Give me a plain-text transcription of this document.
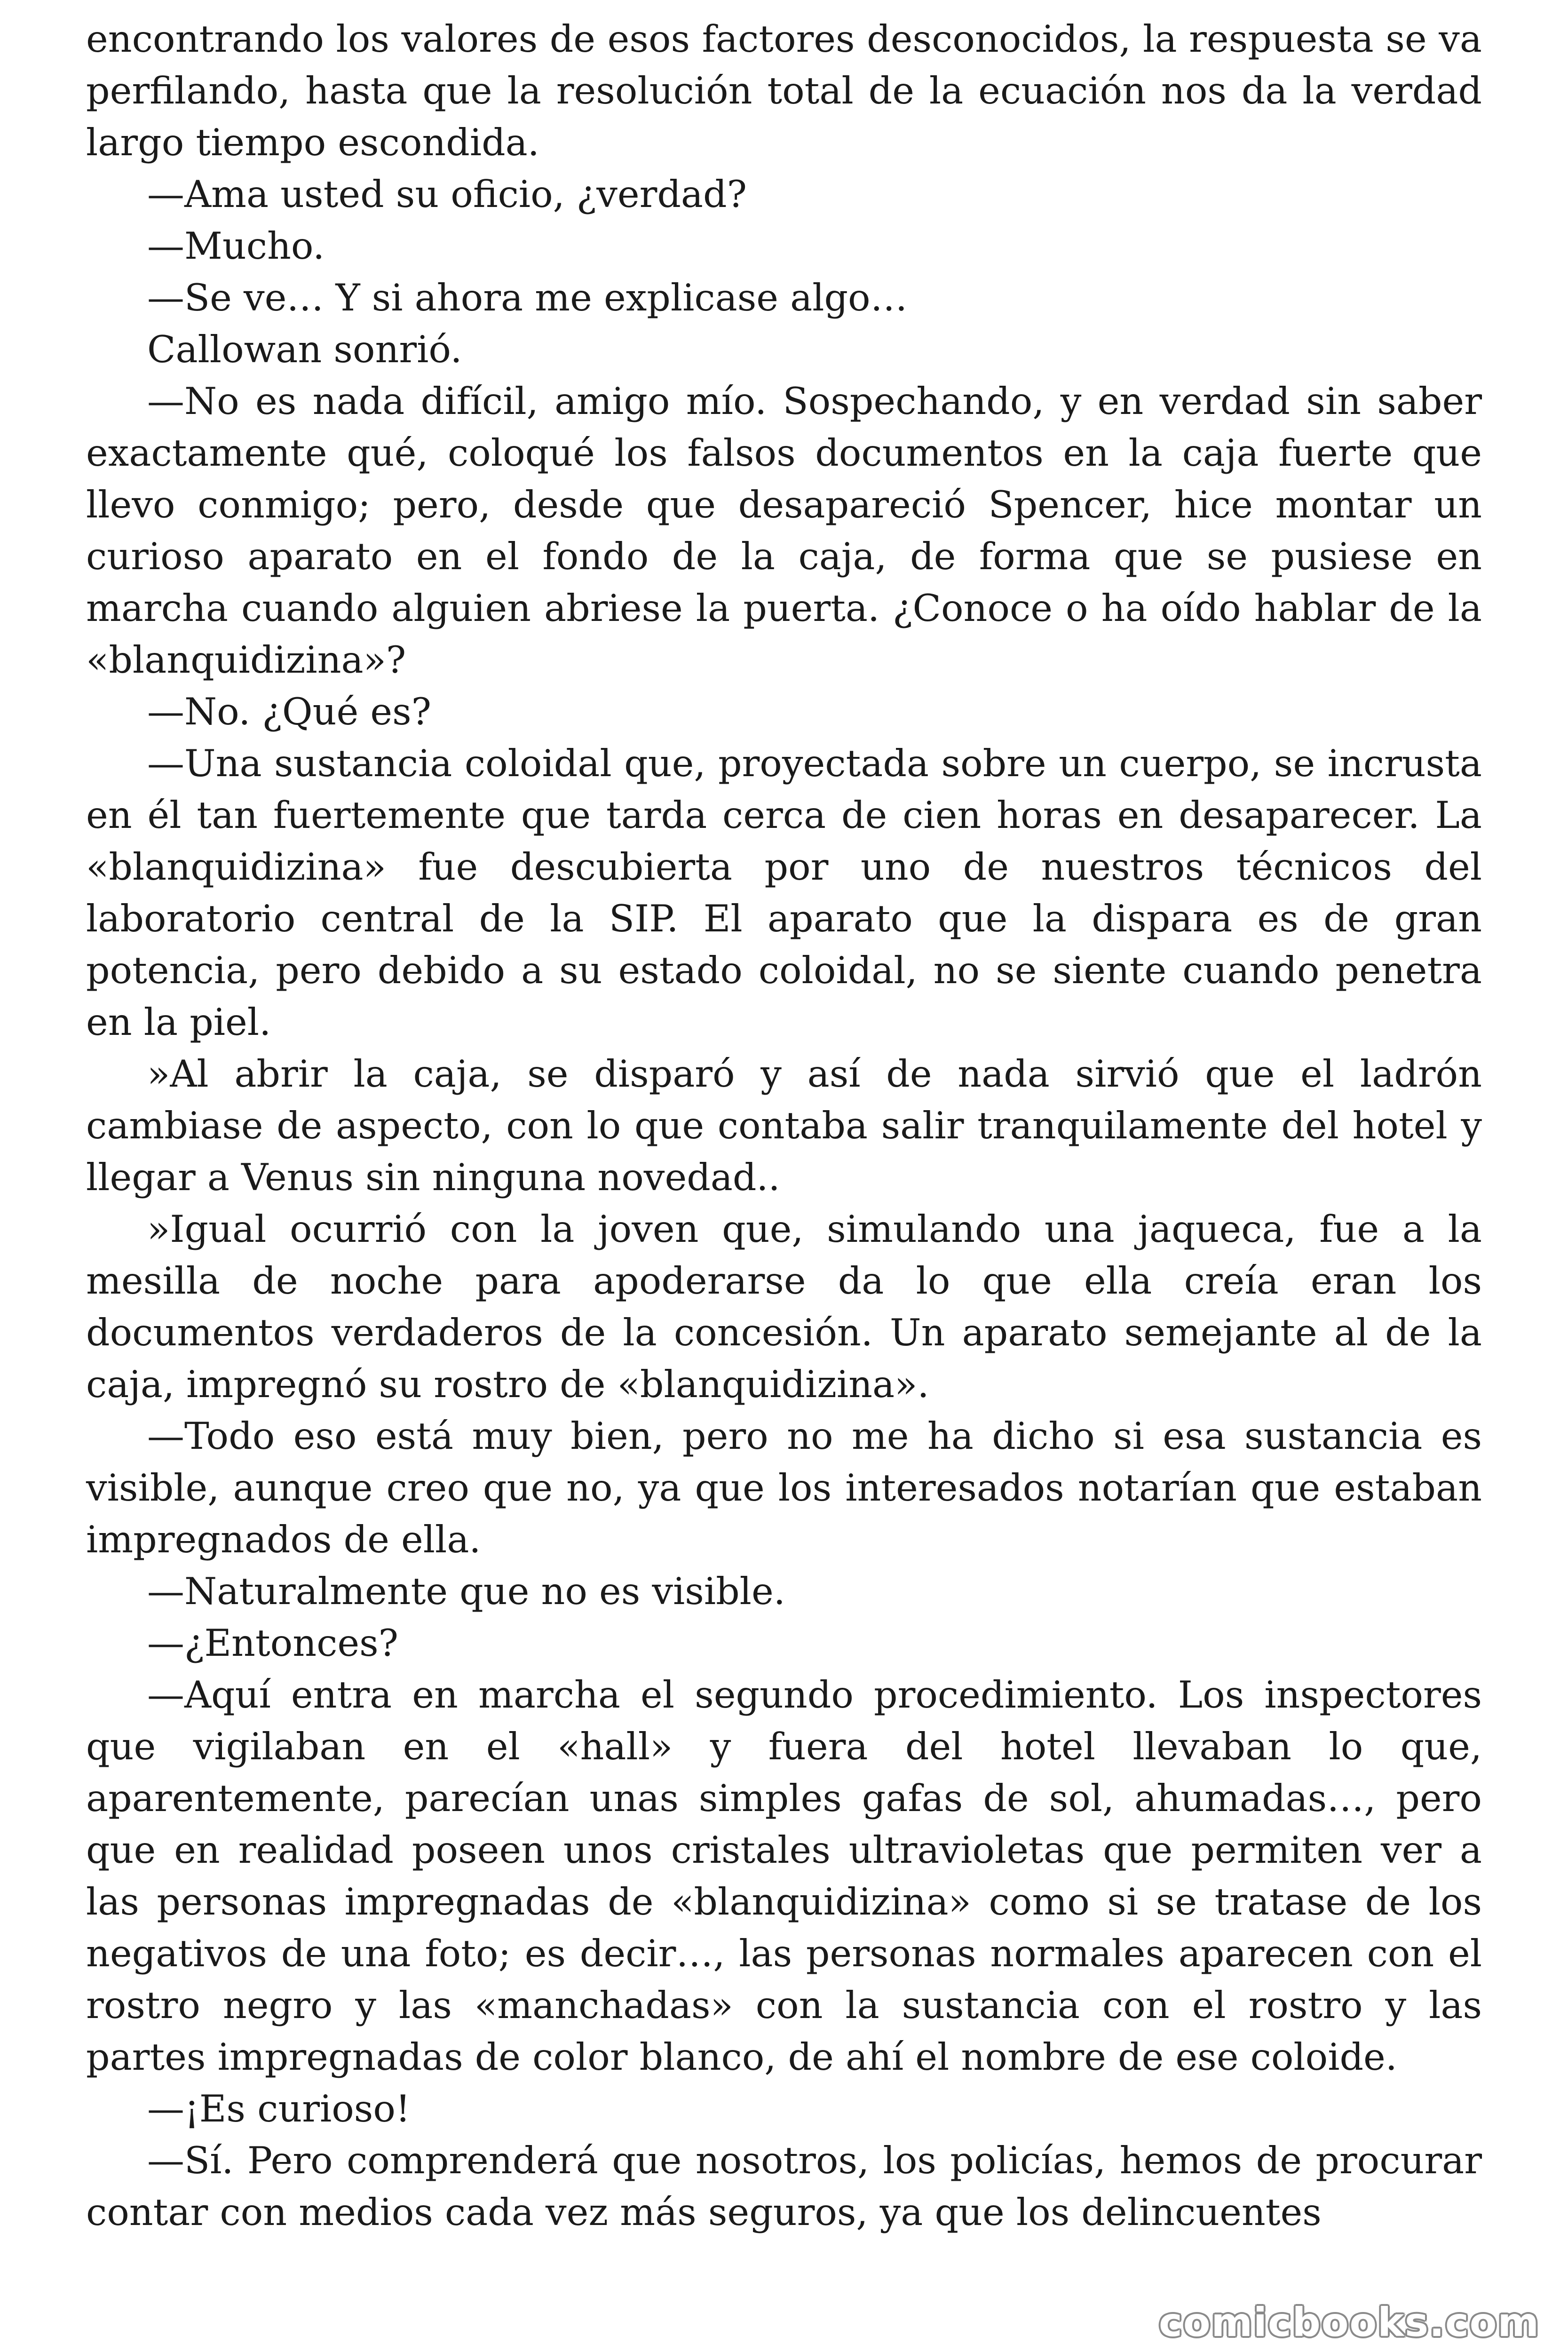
encontrando los valores de esos factores desconocidos, la respuesta se va perfilando, hasta que la resolución total de la ecuación nos da la verdad largo tiempo escondida.

—Ama usted su oficio, ¿verdad?

—Mucho.

—Se ve… Y si ahora me explicase algo…

Callowan sonrió.

—No es nada difícil, amigo mío. Sospechando, y en verdad sin saber exactamente qué, coloqué los falsos documentos en la caja fuerte que llevo conmigo; pero, desde que desapareció Spencer, hice montar un curioso aparato en el fondo de la caja, de forma que se pusiese en marcha cuando alguien abriese la puerta. ¿Conoce o ha oído hablar de la «blanquidizina»?

—No. ¿Qué es?

—Una sustancia coloidal que, proyectada sobre un cuerpo, se incrusta en él tan fuertemente que tarda cerca de cien horas en desaparecer. La «blanquidizina» fue descubierta por uno de nuestros técnicos del laboratorio central de la SIP. El aparato que la dispara es de gran potencia, pero debido a su estado coloidal, no se siente cuando penetra en la piel.

»Al abrir la caja, se disparó y así de nada sirvió que el ladrón cambiase de aspecto, con lo que contaba salir tranquilamente del hotel y llegar a Venus sin ninguna novedad..

»Igual ocurrió con la joven que, simulando una jaqueca, fue a la mesilla de noche para apoderarse da lo que ella creía eran los documentos verdaderos de la concesión. Un aparato semejante al de la caja, impregnó su rostro de «blanquidizina».

—Todo eso está muy bien, pero no me ha dicho si esa sustancia es visible, aunque creo que no, ya que los interesados notarían que estaban impregnados de ella.

—Naturalmente que no es visible.

—¿Entonces?

—Aquí entra en marcha el segundo procedimiento. Los inspectores que vigilaban en el «hall» y fuera del hotel llevaban lo que, aparentemente, parecían unas simples gafas de sol, ahumadas…, pero que en realidad poseen unos cristales ultravioletas que permiten ver a las personas impregnadas de «blanquidizina» como si se tratase de los negativos de una foto; es decir…, las personas normales aparecen con el rostro negro y las «manchadas» con la sustancia con el rostro y las partes impregnadas de color blanco, de ahí el nombre de ese coloide.

—¡Es curioso!

—Sí. Pero comprenderá que nosotros, los policías, hemos de procurar contar con medios cada vez más seguros, ya que los delincuentes

comicbooks.com
